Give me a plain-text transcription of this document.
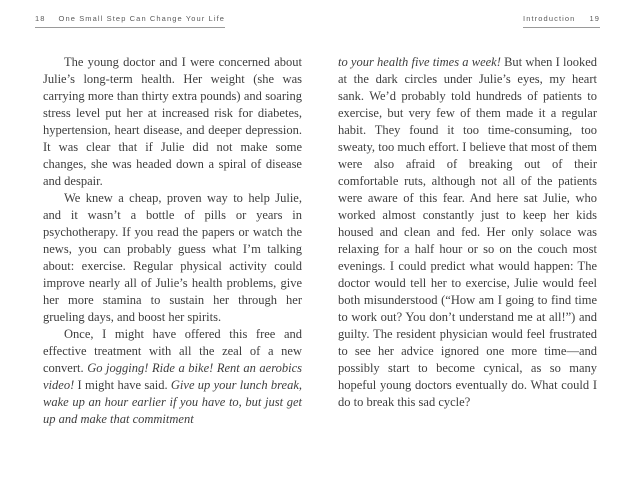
18 One Small Step Can Change Your Life

The young doctor and I were concerned about Julie’s long-term health. Her weight (she was carrying more than thirty extra pounds) and soaring stress level put her at increased risk for diabetes, hypertension, heart disease, and deeper depression. It was clear that if Julie did not make some changes, she was headed down a spiral of disease and despair.

We knew a cheap, proven way to help Julie, and it wasn’t a bottle of pills or years in psychotherapy. If you read the papers or watch the news, you can probably guess what I’m talking about: exercise. Regular physical activity could improve nearly all of Julie’s health problems, give her more stamina to sustain her through her grueling days, and boost her spirits.

Once, I might have offered this free and effective treatment with all the zeal of a new convert. Go jogging! Ride a bike! Rent an aerobics video! I might have said. Give up your lunch break, wake up an hour earlier if you have to, but just get up and make that commitment

Introduction 19

to your health five times a week! But when I looked at the dark circles under Julie’s eyes, my heart sank. We’d probably told hundreds of patients to exercise, but very few of them made it a regular habit. They found it too time-consuming, too sweaty, too much effort. I believe that most of them were also afraid of breaking out of their comfortable ruts, although not all of the patients were aware of this fear. And here sat Julie, who worked almost constantly just to keep her kids housed and clean and fed. Her only solace was relaxing for a half hour or so on the couch most evenings. I could predict what would happen: The doctor would tell her to exercise, Julie would feel both misunderstood (“How am I going to find time to work out? You don’t understand me at all!”) and guilty. The resident physician would feel frustrated to see her advice ignored one more time—and possibly start to become cynical, as so many hopeful young doctors eventually do. What could I do to break this sad cycle?
